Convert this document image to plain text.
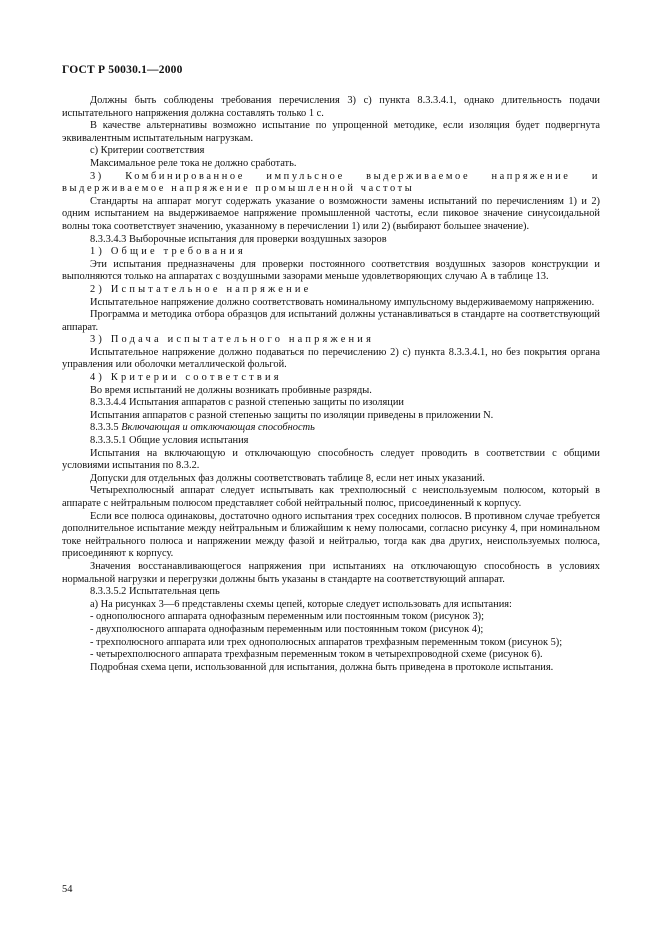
ГОСТ Р 50030.1—2000

Должны быть соблюдены требования перечисления 3) с) пункта 8.3.3.4.1, однако длительность подачи испытательного напряжения должна составлять только 1 с.

В качестве альтернативы возможно испытание по упрощенной методике, если изоляция будет подвергнута эквивалентным испытательным нагрузкам.

c) Критерии соответствия

Максимальное реле тока не должно сработать.

3) Комбинированное импульсное выдерживаемое напряжение и выдерживаемое напряжение промышленной частоты

Стандарты на аппарат могут содержать указание о возможности замены испытаний по перечислениям 1) и 2) одним испытанием на выдерживаемое напряжение промышленной частоты, если пиковое значение синусоидальной волны тока соответствует значению, указанному в перечислении 1) или 2) (выбирают большее значение).

8.3.3.4.3 Выборочные испытания для проверки воздушных зазоров

1) Общие требования

Эти испытания предназначены для проверки постоянного соответствия воздушных зазоров конструкции и выполняются только на аппаратах с воздушными зазорами меньше удовлетворяющих случаю А в таблице 13.

2) Испытательное напряжение

Испытательное напряжение должно соответствовать номинальному импульсному выдерживаемому напряжению.

Программа и методика отбора образцов для испытаний должны устанавливаться в стандарте на соответствующий аппарат.

3) Подача испытательного напряжения

Испытательное напряжение должно подаваться по перечислению 2) с) пункта 8.3.3.4.1, но без покрытия органа управления или оболочки металлической фольгой.

4) Критерии соответствия

Во время испытаний не должны возникать пробивные разряды.

8.3.3.4.4 Испытания аппаратов с разной степенью защиты по изоляции

Испытания аппаратов с разной степенью защиты по изоляции приведены в приложении N.

8.3.3.5 Включающая и отключающая способность

8.3.3.5.1 Общие условия испытания

Испытания на включающую и отключающую способность следует проводить в соответствии с общими условиями испытания по 8.3.2.

Допуски для отдельных фаз должны соответствовать таблице 8, если нет иных указаний.

Четырехполюсный аппарат следует испытывать как трехполюсный с неиспользуемым полюсом, который в аппарате с нейтральным полюсом представляет собой нейтральный полюс, присоединенный к корпусу.

Если все полюса одинаковы, достаточно одного испытания трех соседних полюсов. В противном случае требуется дополнительное испытание между нейтральным и ближайшим к нему полюсами, согласно рисунку 4, при номинальном токе нейтрального полюса и напряжении между фазой и нейтралью, тогда как два других, неиспользуемых полюса, присоединяют к корпусу.

Значения восстанавливающегося напряжения при испытаниях на отключающую способность в условиях нормальной нагрузки и перегрузки должны быть указаны в стандарте на соответствующий аппарат.

8.3.3.5.2 Испытательная цепь

а) На рисунках 3—6 представлены схемы цепей, которые следует использовать для испытания:

- однополюсного аппарата однофазным переменным или постоянным током (рисунок 3);

- двухполюсного аппарата однофазным переменным или постоянным током (рисунок 4);

- трехполюсного аппарата или трех однополюсных аппаратов трехфазным переменным током (рисунок 5);

- четырехполюсного аппарата трехфазным переменным током в четырехпроводной схеме (рисунок 6).

Подробная схема цепи, использованной для испытания, должна быть приведена в протоколе испытания.

54
